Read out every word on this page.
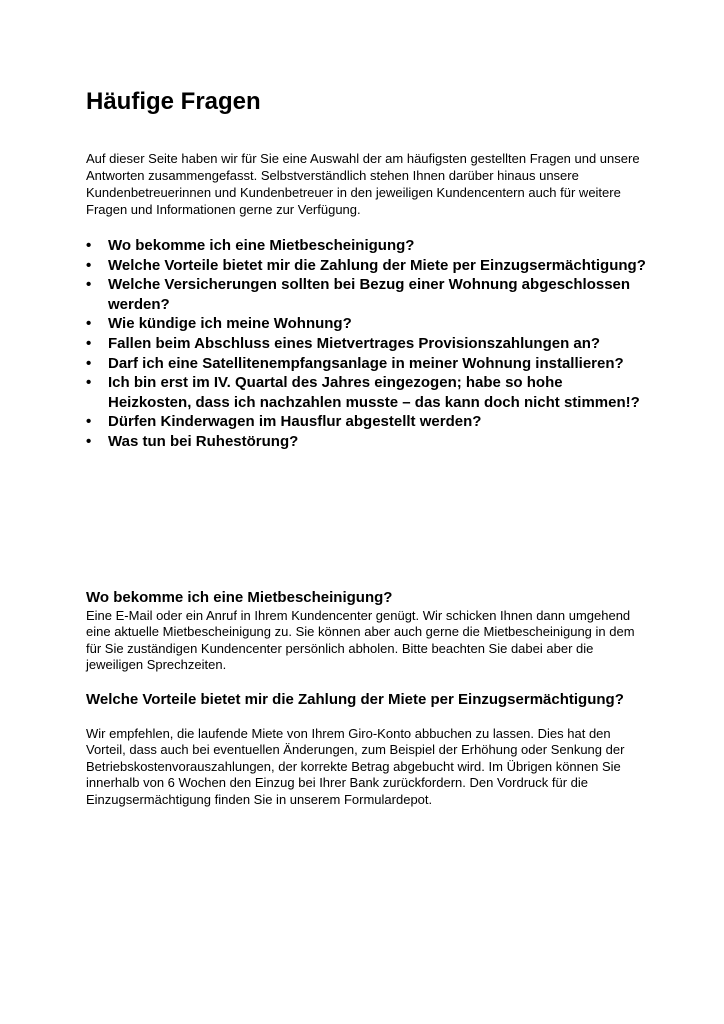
Häufige Fragen

Auf dieser Seite haben wir für Sie eine Auswahl der am häufigsten gestellten Fragen und unsere Antworten zusammengefasst. Selbstverständlich stehen Ihnen darüber hinaus unsere Kundenbetreuerinnen und Kundenbetreuer in den jeweiligen Kundencentern auch für weitere Fragen und Informationen gerne zur Verfügung.

• Wo bekomme ich eine Mietbescheinigung?
• Welche Vorteile bietet mir die Zahlung der Miete per Einzugsermächtigung?
• Welche Versicherungen sollten bei Bezug einer Wohnung abgeschlossen werden?
• Wie kündige ich meine Wohnung?
• Fallen beim Abschluss eines Mietvertrages Provisionszahlungen an?
• Darf ich eine Satellitenempfangsanlage in meiner Wohnung installieren?
• Ich bin erst im IV. Quartal des Jahres eingezogen; habe so hohe Heizkosten, dass ich nachzahlen musste – das kann doch nicht stimmen!?
• Dürfen Kinderwagen im Hausflur abgestellt werden?
• Was tun bei Ruhestörung?
Wo bekomme ich eine Mietbescheinigung?

Eine E-Mail oder ein Anruf in Ihrem Kundencenter genügt. Wir schicken Ihnen dann umgehend eine aktuelle Mietbescheinigung zu. Sie können aber auch gerne die Mietbescheinigung in dem für Sie zuständigen Kundencenter persönlich abholen. Bitte beachten Sie dabei aber die jeweiligen Sprechzeiten.

Welche Vorteile bietet mir die Zahlung der Miete per Einzugsermächtigung?

Wir empfehlen, die laufende Miete von Ihrem Giro-Konto abbuchen zu lassen. Dies hat den Vorteil, dass auch bei eventuellen Änderungen, zum Beispiel der Erhöhung oder Senkung der Betriebskostenvorauszahlungen, der korrekte Betrag abgebucht wird. Im Übrigen können Sie innerhalb von 6 Wochen den Einzug bei Ihrer Bank zurückfordern. Den Vordruck für die Einzugsermächtigung finden Sie in unserem Formulardepot.
